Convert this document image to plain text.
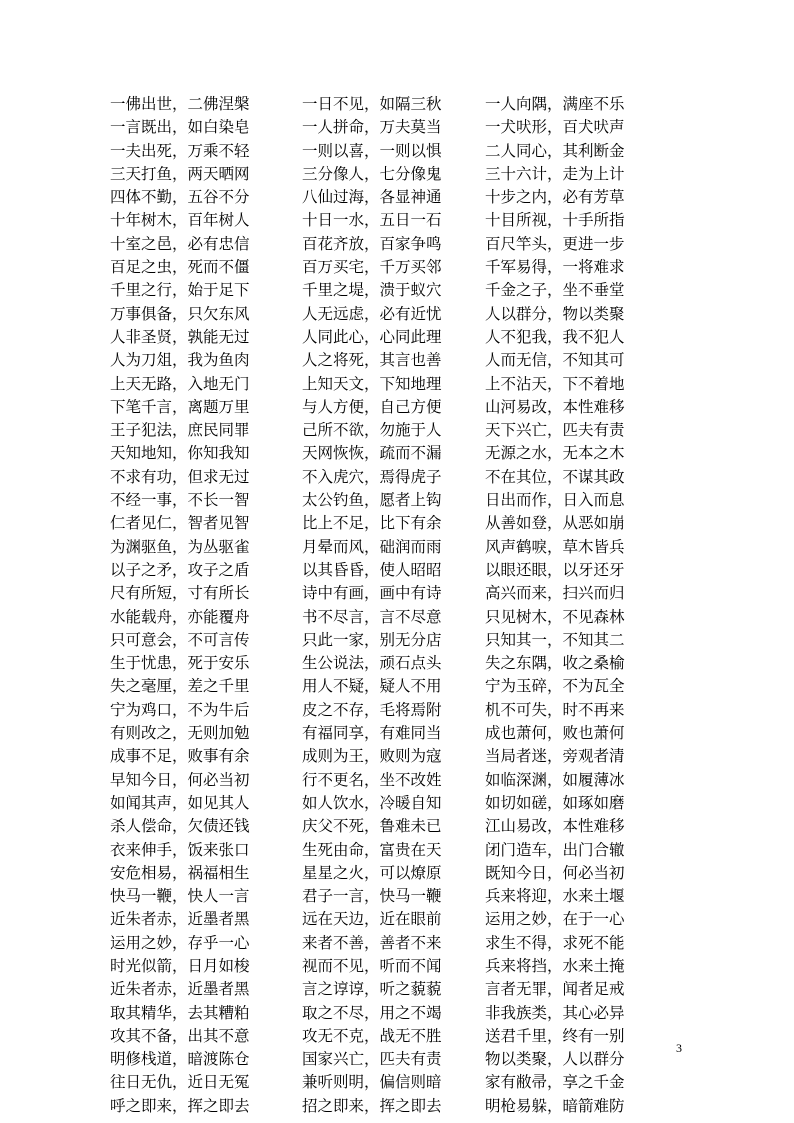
一佛出世，二佛涅槃
一言既出，如白染皂
一夫出死，万乘不轻
三天打鱼，两天晒网
四体不勤，五谷不分
十年树木，百年树人
十室之邑，必有忠信
百足之虫，死而不僵
千里之行，始于足下
万事俱备，只欠东风
人非圣贤，孰能无过
人为刀俎，我为鱼肉
上天无路，入地无门
下笔千言，离题万里
王子犯法，庶民同罪
天知地知，你知我知
不求有功，但求无过
不经一事，不长一智
仁者见仁，智者见智
为渊驱鱼，为丛驱雀
以子之矛，攻子之盾
尺有所短，寸有所长
水能载舟，亦能覆舟
只可意会，不可言传
生于忧患，死于安乐
失之毫厘，差之千里
宁为鸡口，不为牛后
有则改之，无则加勉
成事不足，败事有余
早知今日，何必当初
如闻其声，如见其人
杀人偿命，欠债还钱
衣来伸手，饭来张口
安危相易，祸福相生
快马一鞭，快人一言
近朱者赤，近墨者黑
运用之妙，存乎一心
时光似箭，日月如梭
近朱者赤，近墨者黑
取其精华，去其糟粕
攻其不备，出其不意
明修栈道，暗渡陈仓
往日无仇，近日无冤
呼之即来，挥之即去
一日不见，如隔三秋
一人拼命，万夫莫当
一则以喜，一则以惧
三分像人，七分像鬼
八仙过海，各显神通
十日一水，五日一石
百花齐放，百家争鸣
百万买宅，千万买邻
千里之堤，溃于蚁穴
人无远虑，必有近忧
人同此心，心同此理
人之将死，其言也善
上知天文，下知地理
与人方便，自己方便
己所不欲，勿施于人
天网恢恢，疏而不漏
不入虎穴，焉得虎子
太公钓鱼，愿者上钩
比上不足，比下有余
月晕而风，础润而雨
以其昏昏，使人昭昭
诗中有画，画中有诗
书不尽言，言不尽意
只此一家，别无分店
生公说法，顽石点头
用人不疑，疑人不用
皮之不存，毛将焉附
有福同享，有难同当
成则为王，败则为寇
行不更名，坐不改姓
如人饮水，冷暖自知
庆父不死，鲁难未已
生死由命，富贵在天
星星之火，可以燎原
君子一言，快马一鞭
远在天边，近在眼前
来者不善，善者不来
视而不见，听而不闻
言之谆谆，听之藐藐
取之不尽，用之不竭
攻无不克，战无不胜
国家兴亡，匹夫有责
兼听则明，偏信则暗
招之即来，挥之即去
一人向隅，满座不乐
一犬吠形，百犬吠声
二人同心，其利断金
三十六计，走为上计
十步之内，必有芳草
十目所视，十手所指
百尺竿头，更进一步
千军易得，一将难求
千金之子，坐不垂堂
人以群分，物以类聚
人不犯我，我不犯人
人而无信，不知其可
上不沾天，下不着地
山河易改，本性难移
天下兴亡，匹夫有责
无源之水，无本之木
不在其位，不谋其政
日出而作，日入而息
从善如登，从恶如崩
风声鹤唳，草木皆兵
以眼还眼，以牙还牙
高兴而来，扫兴而归
只见树木，不见森林
只知其一，不知其二
失之东隅，收之桑榆
宁为玉碎，不为瓦全
机不可失，时不再来
成也萧何，败也萧何
当局者迷，旁观者清
如临深渊，如履薄冰
如切如磋，如琢如磨
江山易改，本性难移
闭门造车，出门合辙
既知今日，何必当初
兵来将迎，水来土堰
运用之妙，在于一心
求生不得，求死不能
兵来将挡，水来土掩
言者无罪，闻者足戒
非我族类，其心必异
送君千里，终有一别
物以类聚，人以群分
家有敝帚，享之千金
明枪易躲，暗箭难防
3
